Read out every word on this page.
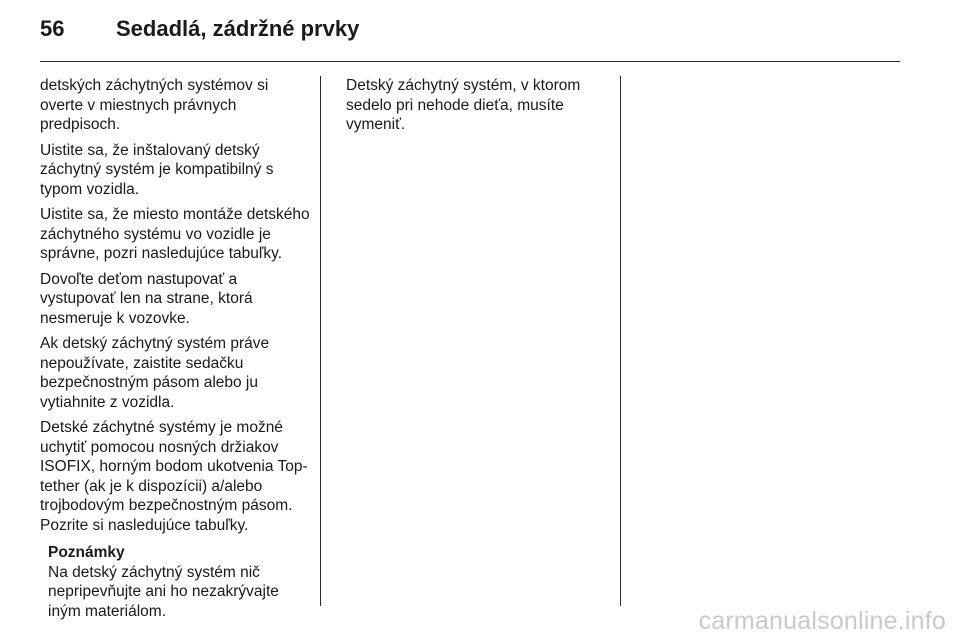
56 Sedadlá, zádržné prvky

detských záchytných systémov si overte v miestnych právnych predpisoch.

Uistite sa, že inštalovaný detský záchytný systém je kompatibilný s typom vozidla.

Uistite sa, že miesto montáže detského záchytného systému vo vozidle je správne, pozri nasledujúce tabuľky.

Dovoľte deťom nastupovať a vystupovať len na strane, ktorá nesmeruje k vozovke.

Ak detský záchytný systém práve nepoužívate, zaistite sedačku bezpečnostným pásom alebo ju vytiahnite z vozidla.

Detské záchytné systémy je možné uchytiť pomocou nosných držiakov ISOFIX, horným bodom ukotvenia Top-tether (ak je k dispozícii) a/alebo trojbodovým bezpečnostným pásom. Pozrite si nasledujúce tabuľky.

Poznámky

Na detský záchytný systém nič nepripevňujte ani ho nezakrývajte iným materiálom.

Detský záchytný systém, v ktorom sedelo pri nehode dieťa, musíte vymeniť.

carmanualsonline.info
